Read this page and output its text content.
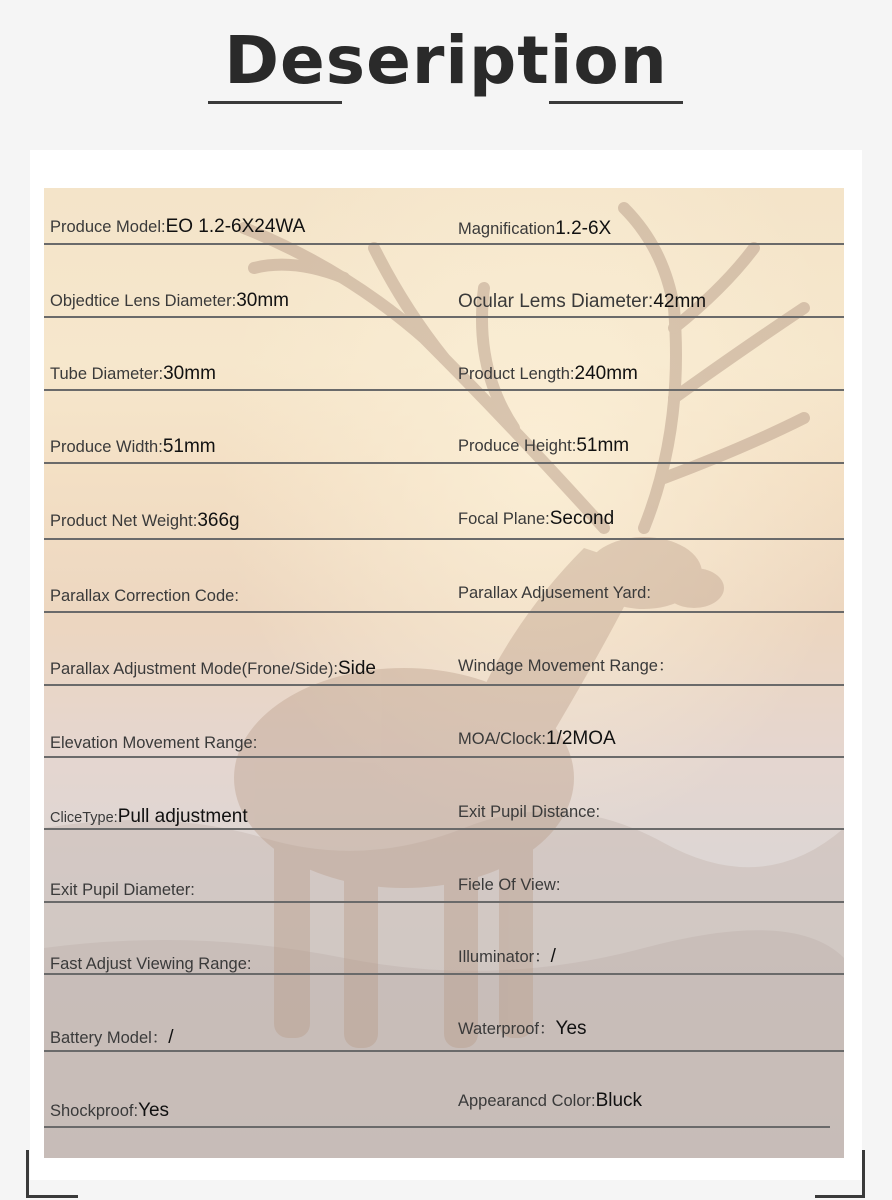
Deseription
Produce Model:EO 1.2-6X24WA	Magnification1.2-6X
Objedtice Lens Diameter:30mm	Ocular Lems Diameter:42mm
Tube Diameter:30mm	Product Length:240mm
Produce Width:51mm	Produce Height:51mm
Product Net Weight:366g	Focal Plane:Second
Parallax Correction Code:	Parallax Adjusement Yard:
Parallax Adjustment Mode(Frone/Side):Side	Windage Movement Range：
Elevation Movement Range:	MOA/Clock:1/2MOA
CliceType:Pull adjustment	Exit Pupil Distance:
Exit Pupil Diameter:	Fiele Of View:
Fast Adjust Viewing Range:	Illuminator：/
Battery Model：/	Waterproof：Yes
Shockproof:Yes	Appearancd Color:Bluck
